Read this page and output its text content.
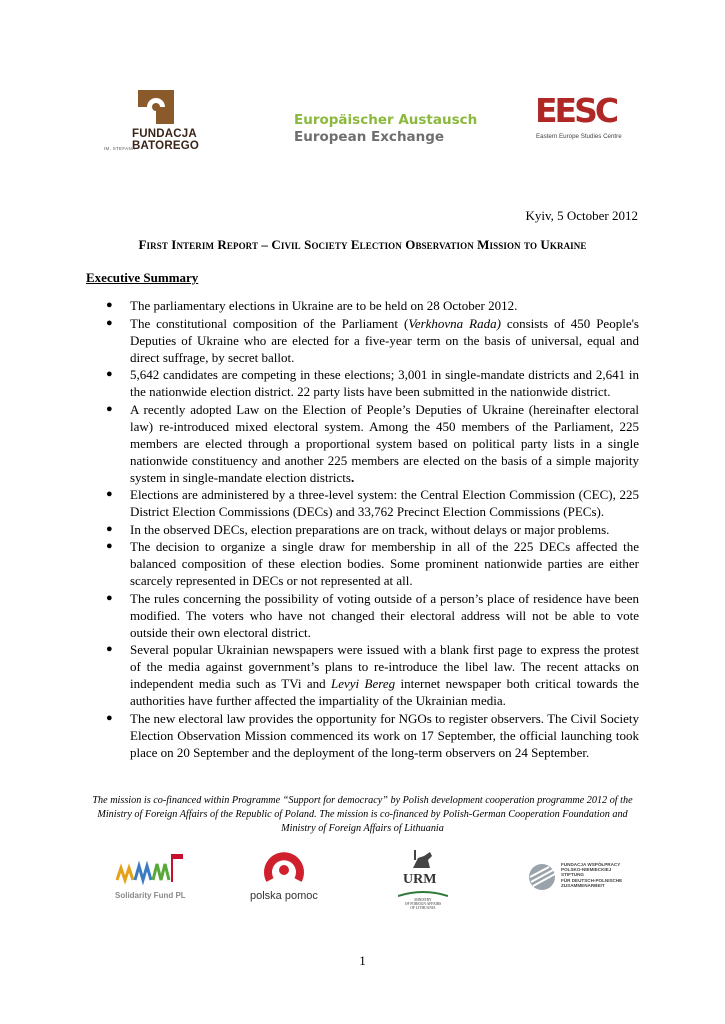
FUNDACJA
BATOREGO
IM. STEFANA
Europäischer Austausch
European Exchange
EESC
Eastern Europe Studies Centre
Kyiv, 5 October 2012
First Interim Report – Civil Society Election Observation Mission to Ukraine
Executive Summary
● The parliamentary elections in Ukraine are to be held on 28 October 2012.
● The constitutional composition of the Parliament (Verkhovna Rada) consists of 450 People's Deputies of Ukraine who are elected for a five-year term on the basis of universal, equal and direct suffrage, by secret ballot.
● 5,642 candidates are competing in these elections; 3,001 in single-mandate districts and 2,641 in the nationwide election district. 22 party lists have been submitted in the nationwide district.
● A recently adopted Law on the Election of People’s Deputies of Ukraine (hereinafter electoral law) re-introduced mixed electoral system. Among the 450 members of the Parliament, 225 members are elected through a proportional system based on political party lists in a single nationwide constituency and another 225 members are elected on the basis of a simple majority system in single-mandate election districts.
● Elections are administered by a three-level system: the Central Election Commission (CEC), 225 District Election Commissions (DECs) and 33,762 Precinct Election Commissions (PECs).
● In the observed DECs, election preparations are on track, without delays or major problems.
● The decision to organize a single draw for membership in all of the 225 DECs affected the balanced composition of these election bodies. Some prominent nationwide parties are either scarcely represented in DECs or not represented at all.
● The rules concerning the possibility of voting outside of a person’s place of residence have been modified. The voters who have not changed their electoral address will not be able to vote outside their own electoral district.
● Several popular Ukrainian newspapers were issued with a blank first page to express the protest of the media against government’s plans to re-introduce the libel law. The recent attacks on independent media such as TVi and Levyi Bereg internet newspaper both critical towards the authorities have further affected the impartiality of the Ukrainian media.
● The new electoral law provides the opportunity for NGOs to register observers. The Civil Society Election Observation Mission commenced its work on 17 September, the official launching took place on 20 September and the deployment of the long-term observers on 24 September.
The mission is co-financed within Programme “Support for democracy” by Polish development cooperation programme 2012 of the Ministry of Foreign Affairs of the Republic of Poland. The mission is co-financed by Polish-German Cooperation Foundation and Ministry of Foreign Affairs of Lithuania
Solidarity Fund PL	polska pomoc
URM
MINISTRY
OF FOREIGN AFFAIRS
OF LITHUANIA
FUNDACJA WSPÓŁPRACY
POLSKO-NIEMIECKIEJ
STIFTUNG
FÜR DEUTSCH-POLNISCHE
ZUSAMMENARBEIT
1
